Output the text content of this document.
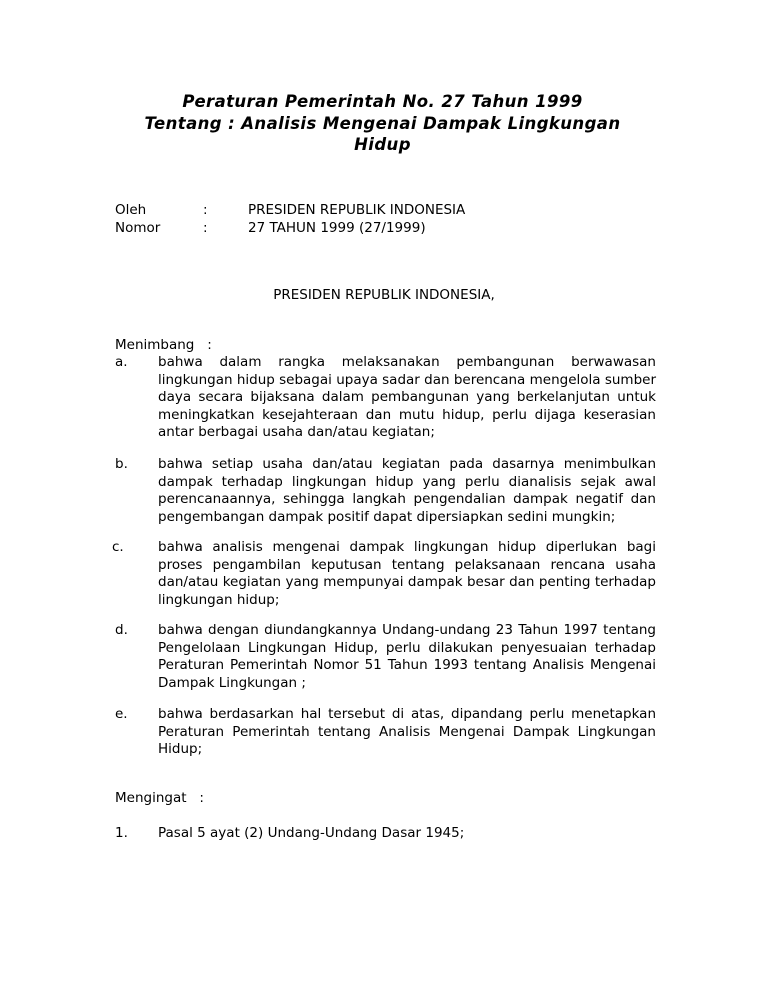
Peraturan Pemerintah No. 27 Tahun 1999
Tentang : Analisis Mengenai Dampak Lingkungan
Hidup
Oleh	:	PRESIDEN REPUBLIK INDONESIA
Nomor	:	27 TAHUN 1999 (27/1999)
PRESIDEN REPUBLIK INDONESIA,
Menimbang   :
a. bahwa dalam rangka melaksanakan pembangunan berwawasan lingkungan hidup sebagai upaya sadar dan berencana mengelola sumber daya secara bijaksana dalam pembangunan yang berkelanjutan untuk meningkatkan kesejahteraan dan mutu hidup, perlu dijaga keserasian antar berbagai usaha dan/atau kegiatan;
b. bahwa setiap usaha dan/atau kegiatan pada dasarnya menimbulkan dampak terhadap lingkungan hidup yang perlu dianalisis sejak awal perencanaannya, sehingga langkah pengendalian dampak negatif dan pengembangan dampak positif dapat dipersiapkan sedini mungkin;
c.	bahwa analisis mengenai dampak lingkungan hidup diperlukan bagi proses pengambilan keputusan tentang pelaksanaan rencana usaha dan/atau kegiatan yang mempunyai dampak besar dan penting terhadap lingkungan hidup;
d. bahwa dengan diundangkannya Undang-undang 23 Tahun 1997 tentang Pengelolaan Lingkungan Hidup, perlu dilakukan penyesuaian terhadap Peraturan Pemerintah Nomor 51 Tahun 1993 tentang Analisis Mengenai Dampak Lingkungan ;
e. bahwa berdasarkan hal tersebut di atas, dipandang perlu menetapkan Peraturan Pemerintah tentang Analisis Mengenai Dampak Lingkungan Hidup;
Mengingat   :
1. Pasal 5 ayat (2) Undang-Undang Dasar 1945;
